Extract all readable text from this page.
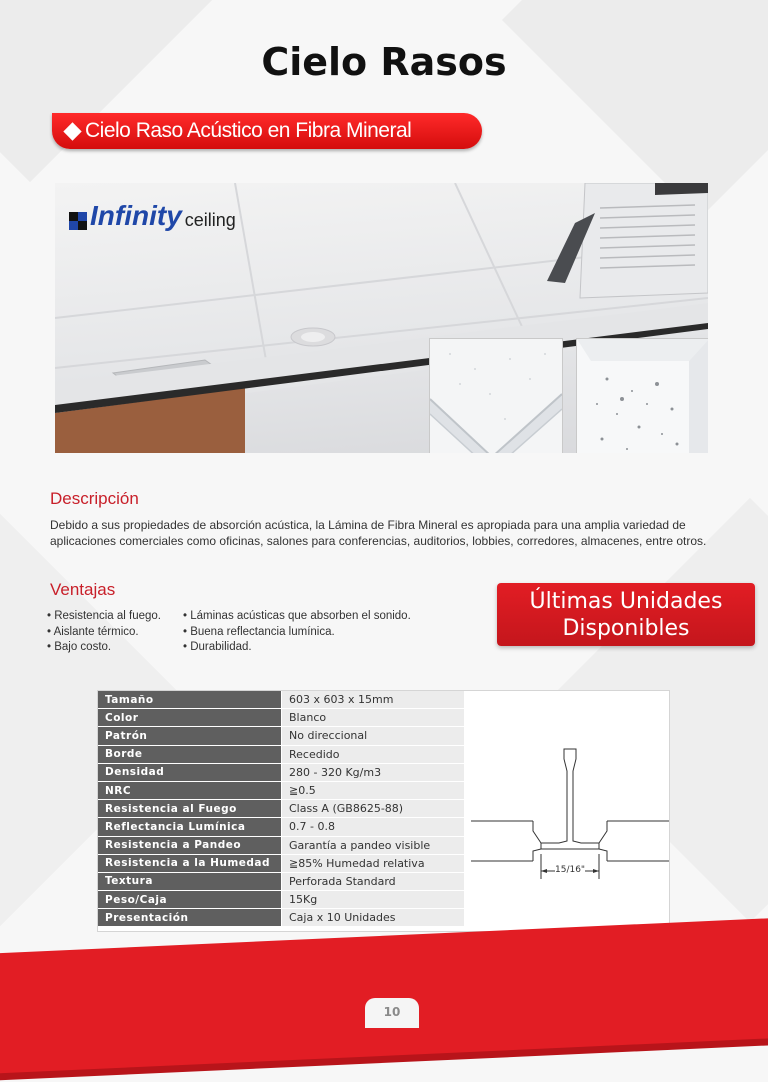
Cielo Rasos
Cielo Raso Acústico en Fibra Mineral
Infinity ceiling
Descripción
Debido a sus propiedades de absorción acústica, la Lámina de Fibra Mineral es apropiada para una amplia variedad de aplicaciones comerciales como oficinas, salones para conferencias, auditorios, lobbies, corredores, almacenes, entre otros.
Ventajas
• Resistencia al fuego.
• Aislante térmico.
• Bajo costo.
• Láminas acústicas que absorben el sonido.
• Buena reflectancia lumínica.
• Durabilidad.
Últimas Unidades
Disponibles
Tamaño	603 x 603 x 15mm
Color	Blanco
Patrón	No direccional
Borde	Recedido
Densidad	280 - 320 Kg/m3
NRC	≧0.5
Resistencia al Fuego	Class A (GB8625-88)
Reflectancia Lumínica	0.7 - 0.8
Resistencia a Pandeo	Garantía a pandeo visible
Resistencia a la Humedad	≧85% Humedad relativa
Textura	Perforada Standard
Peso/Caja	15Kg
Presentación	Caja x 10 Unidades
15/16"
10
